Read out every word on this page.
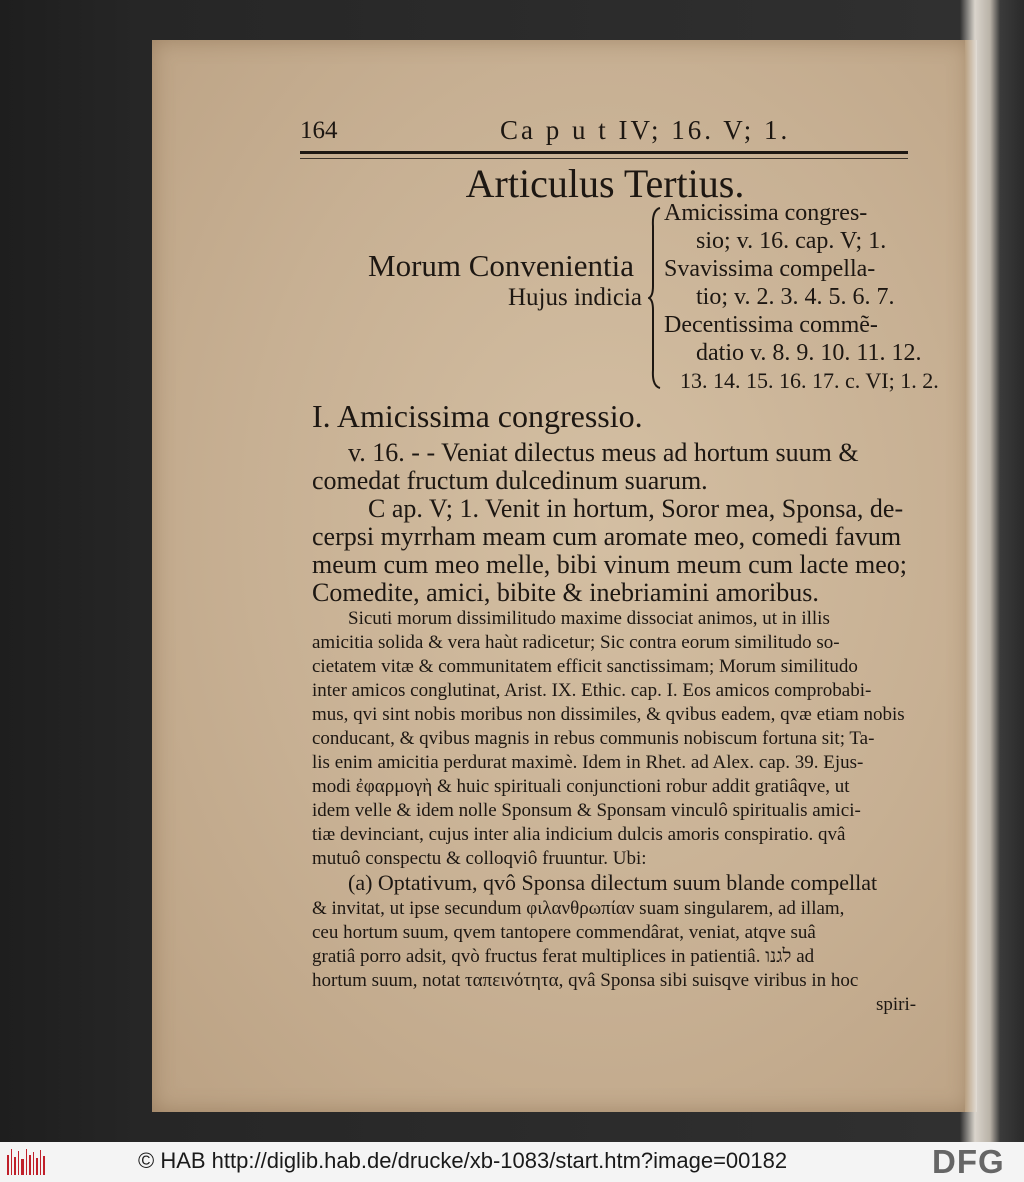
164	Ca p u t IV; 16. V; 1.
Articulus Tertius.
Morum Convenientia
Hujus indicia
Amicissima congres-
sio; v. 16. cap. V; 1.
Svavissima compella-
tio; v. 2. 3. 4. 5. 6. 7.
Decentissima commẽ-
datio v. 8. 9. 10. 11. 12.
13. 14. 15. 16. 17. c. VI; 1. 2.
I. Amicissima congressio.
v. 16. - - Veniat dilectus meus ad hortum suum &
comedat fructum dulcedinum suarum.
C ap. V; 1. Venit in hortum, Soror mea, Sponsa, de-
cerpsi myrrham meam cum aromate meo, comedi favum
meum cum meo melle, bibi vinum meum cum lacte meo;
Comedite, amici, bibite & inebriamini amoribus.
Sicuti morum dissimilitudo maxime dissociat animos, ut in illis
amicitia solida & vera haùt radicetur; Sic contra eorum similitudo so-
cietatem vitæ & communitatem efficit sanctissimam; Morum similitudo
inter amicos conglutinat, Arist. IX. Ethic. cap. I. Eos amicos comprobabi-
mus, qvi sint nobis moribus non dissimiles, & qvibus eadem, qvæ etiam nobis
conducant, & qvibus magnis in rebus communis nobiscum fortuna sit; Ta-
lis enim amicitia perdurat maximè. Idem in Rhet. ad Alex. cap. 39. Ejus-
modi ἐφαρμογὴ & huic spirituali conjunctioni robur addit gratiâqve, ut
idem velle & idem nolle Sponsum & Sponsam vinculô spiritualis amici-
tiæ devinciant, cujus inter alia indicium dulcis amoris conspiratio. qvâ
mutuô conspectu & colloqviô fruuntur. Ubi:
(a) Optativum, qvô Sponsa dilectum suum blande compellat
& invitat, ut ipse secundum φιλανθρωπίαν suam singularem, ad illam,
ceu hortum suum, qvem tantopere commendârat, veniat, atqve suâ
gratiâ porro adsit, qvò fructus ferat multiplices in patientiâ. לגנו ad
hortum suum, notat ταπεινότητα, qvâ Sponsa sibi suisqve viribus in hoc
spiri-
© HAB http://diglib.hab.de/drucke/xb-1083/start.htm?image=00182	DFG
